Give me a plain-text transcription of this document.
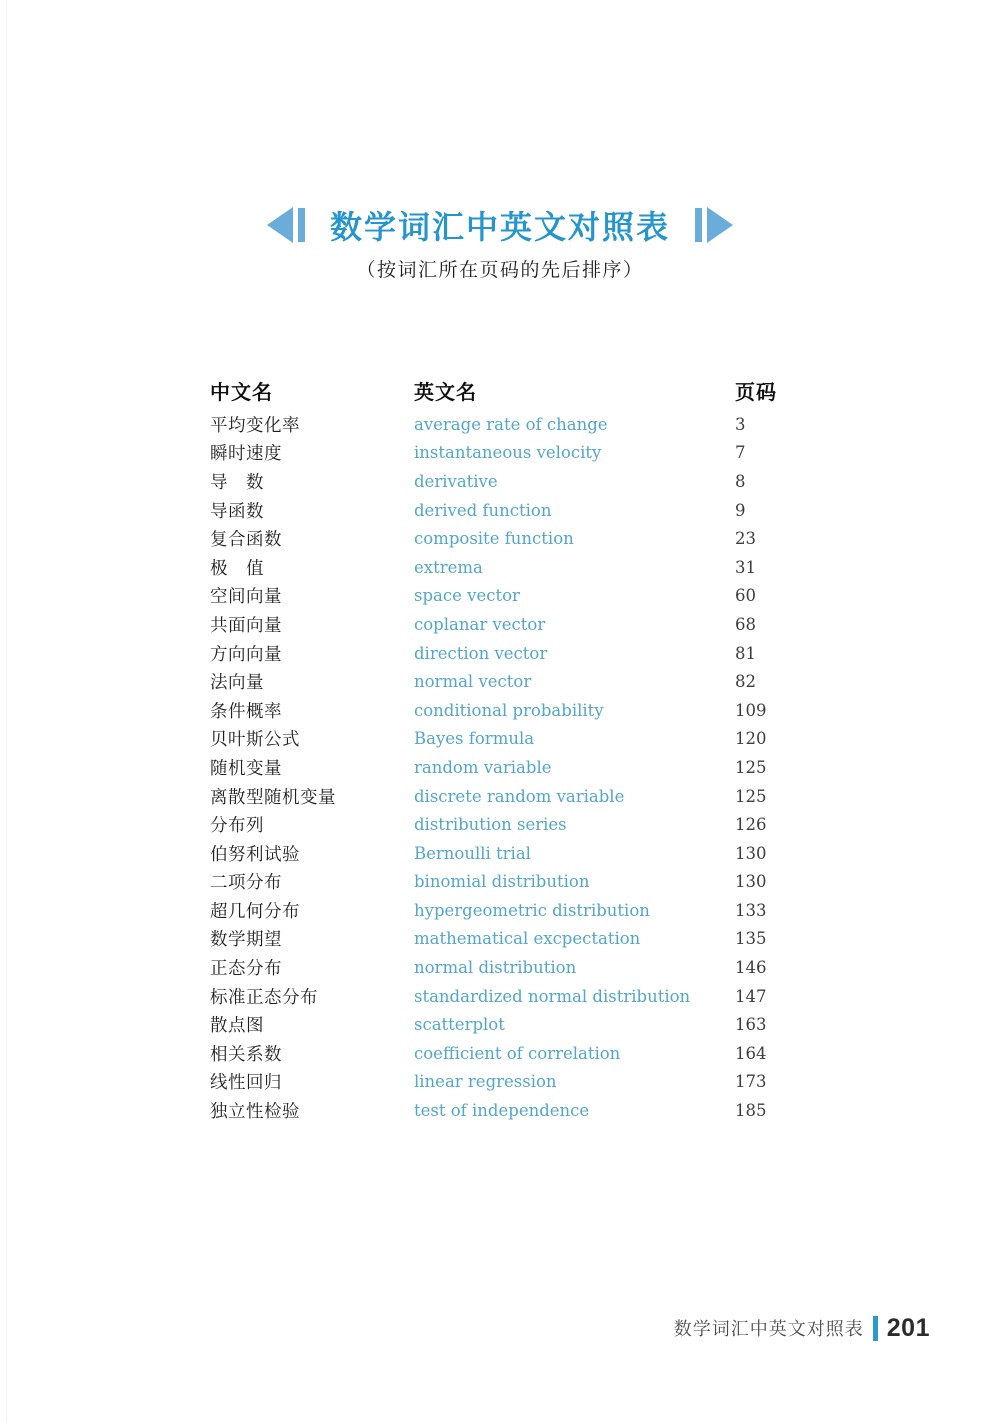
数学词汇中英文对照表
（按词汇所在页码的先后排序）
中文名	英文名	页码
平均变化率	average rate of change	3
瞬时速度	instantaneous velocity	7
导　数	derivative	8
导函数	derived function	9
复合函数	composite function	23
极　值	extrema	31
空间向量	space vector	60
共面向量	coplanar vector	68
方向向量	direction vector	81
法向量	normal vector	82
条件概率	conditional probability	109
贝叶斯公式	Bayes formula	120
随机变量	random variable	125
离散型随机变量	discrete random variable	125
分布列	distribution series	126
伯努利试验	Bernoulli trial	130
二项分布	binomial distribution	130
超几何分布	hypergeometric distribution	133
数学期望	mathematical excpectation	135
正态分布	normal distribution	146
标准正态分布	standardized normal distribution	147
散点图	scatterplot	163
相关系数	coefficient of correlation	164
线性回归	linear regression	173
独立性检验	test of independence	185
数学词汇中英文对照表 201
